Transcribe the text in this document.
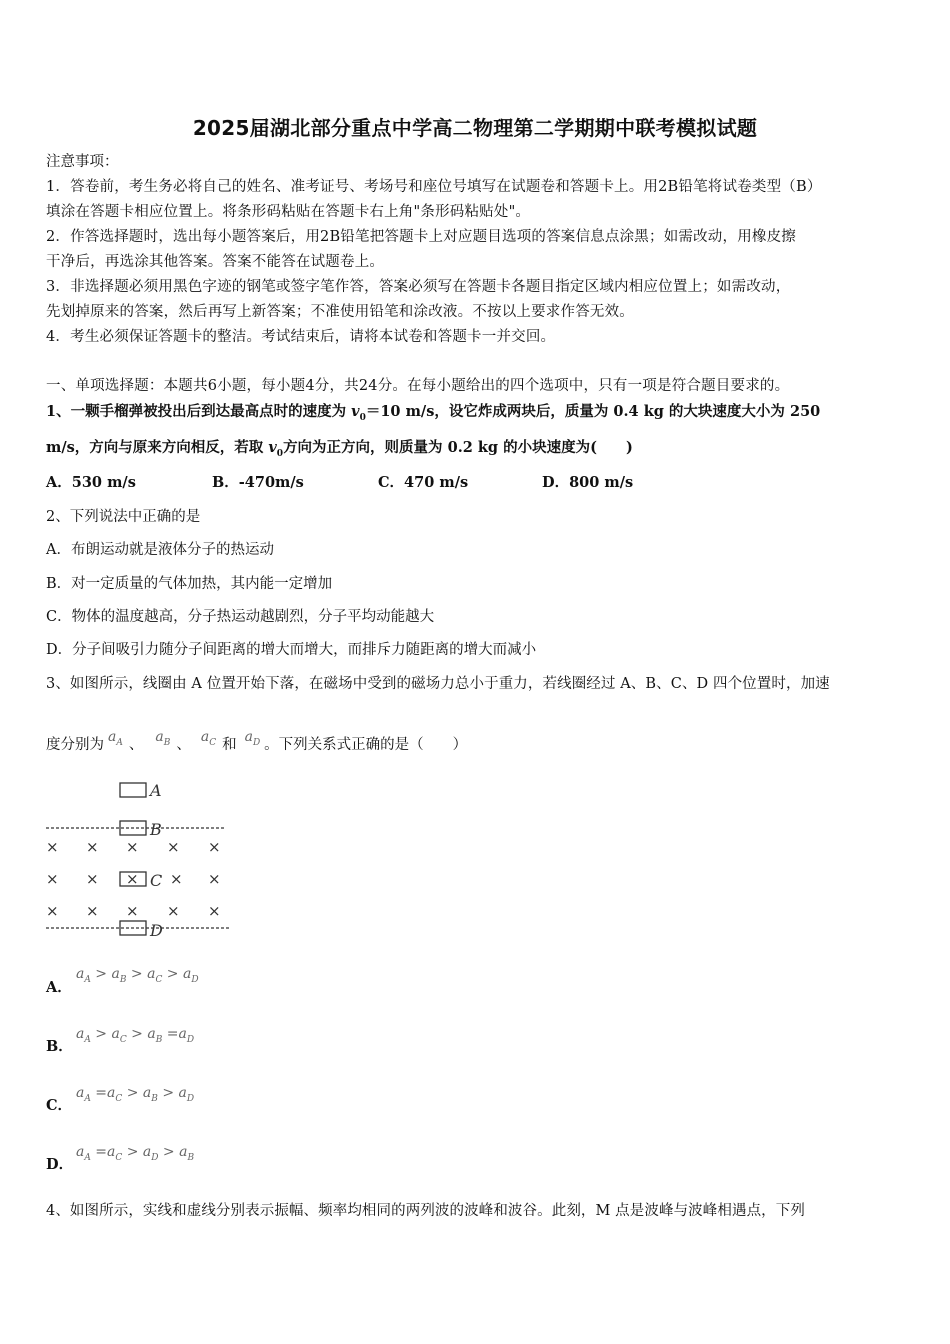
2025届湖北部分重点中学高二物理第二学期期中联考模拟试题
注意事项：
1．答卷前，考生务必将自己的姓名、准考证号、考场号和座位号填写在试题卷和答题卡上。用2B铅笔将试卷类型（B）
填涂在答题卡相应位置上。将条形码粘贴在答题卡右上角"条形码粘贴处"。
2．作答选择题时，选出每小题答案后，用2B铅笔把答题卡上对应题目选项的答案信息点涂黑；如需改动，用橡皮擦
干净后，再选涂其他答案。答案不能答在试题卷上。
3．非选择题必须用黑色字迹的钢笔或签字笔作答，答案必须写在答题卡各题目指定区域内相应位置上；如需改动，
先划掉原来的答案，然后再写上新答案；不准使用铅笔和涂改液。不按以上要求作答无效。
4．考生必须保证答题卡的整洁。考试结束后，请将本试卷和答题卡一并交回。
一、单项选择题：本题共6小题，每小题4分，共24分。在每小题给出的四个选项中，只有一项是符合题目要求的。
1、一颗手榴弹被投出后到达最高点时的速度为 $v_0=10$ m/s，设它炸成两块后，质量为 0.4 kg 的大块速度大小为 250
m/s，方向与原来方向相反，若取 $v_0$方向为正方向，则质量为 0.2 kg 的小块速度为(　　)
A．530 m/s	B．-470m/s	C．470 m/s	D．800 m/s
2、下列说法中正确的是
A．布朗运动就是液体分子的热运动
B．对一定质量的气体加热，其内能一定增加
C．物体的温度越高，分子热运动越剧烈，分子平均动能越大
D．分子间吸引力随分子间距离的增大而增大，而排斥力随距离的增大而减小
3、如图所示，线圈由 A 位置开始下落，在磁场中受到的磁场力总小于重力，若线圈经过 A、B、C、D 四个位置时，加速
度分别为 $a_A$ 、 $a_B$ 、 $a_C$ 和 $a_D$ 。下列关系式正确的是（　　）
A
B
× × × × ×
× × × × ×
× × × × ×
C
D
A．
$a_A > a_B > a_C > a_D$
B．
$a_A > a_C > a_B =a_D$
C．
$a_A =a_C > a_B > a_D$
D．
$a_A =a_C > a_D > a_B$
4、如图所示，实线和虚线分别表示振幅、频率均相同的两列波的波峰和波谷。此刻，M 点是波峰与波峰相遇点，下列
